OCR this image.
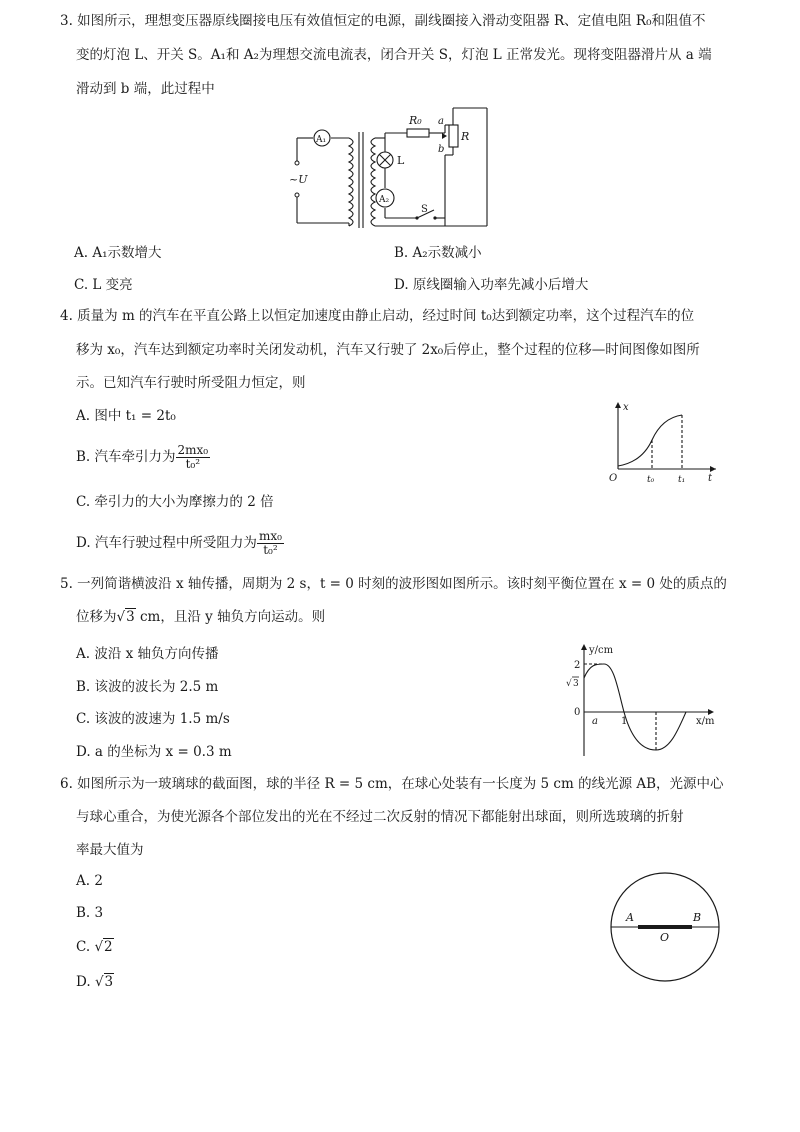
3. 如图所示，理想变压器原线圈接电压有效值恒定的电源，副线圈接入滑动变阻器 R、定值电阻 R₀和阻值不
变的灯泡 L、开关 S。A₁和 A₂为理想交流电流表，闭合开关 S，灯泡 L 正常发光。现将变阻器滑片从 a 端
滑动到 b 端，此过程中
A₁
A₂
~U
R₀
R
a
b
L
S
A. A₁示数增大	B. A₂示数减小
C. L 变亮	D. 原线圈输入功率先减小后增大
4. 质量为 m 的汽车在平直公路上以恒定加速度由静止启动，经过时间 t₀达到额定功率，这个过程汽车的位
移为 x₀，汽车达到额定功率时关闭发动机，汽车又行驶了 2x₀后停止，整个过程的位移—时间图像如图所
示。已知汽车行驶时所受阻力恒定，则
A. 图中 t₁ = 2t₀
B. 汽车牵引力为 $\frac{\text{2mx₀}}{\text{t₀²}}$
C. 牵引力的大小为摩擦力的 2 倍
D. 汽车行驶过程中所受阻力为 $\frac{\text{mx₀}}{\text{t₀²}}$
x
t
O	t₀	t₁
5. 一列简谐横波沿 x 轴传播，周期为 2 s，t = 0 时刻的波形图如图所示。该时刻平衡位置在 x = 0 处的质点的
位移为√3 cm，且沿 y 轴负方向运动。则
A. 波沿 x 轴负方向传播
B. 该波的波长为 2.5 m
C. 该波的波速为 1.5 m/s
D. a 的坐标为 x = 0.3 m
y/cm
x/m
2
√ 3
0
a 1
6. 如图所示为一玻璃球的截面图，球的半径 R = 5 cm，在球心处装有一长度为 5 cm 的线光源 AB，光源中心
与球心重合，为使光源各个部位发出的光在不经过二次反射的情况下都能射出球面，则所选玻璃的折射
率最大值为
A. 2
B. 3
C. √2
D. √3
A	B
O
